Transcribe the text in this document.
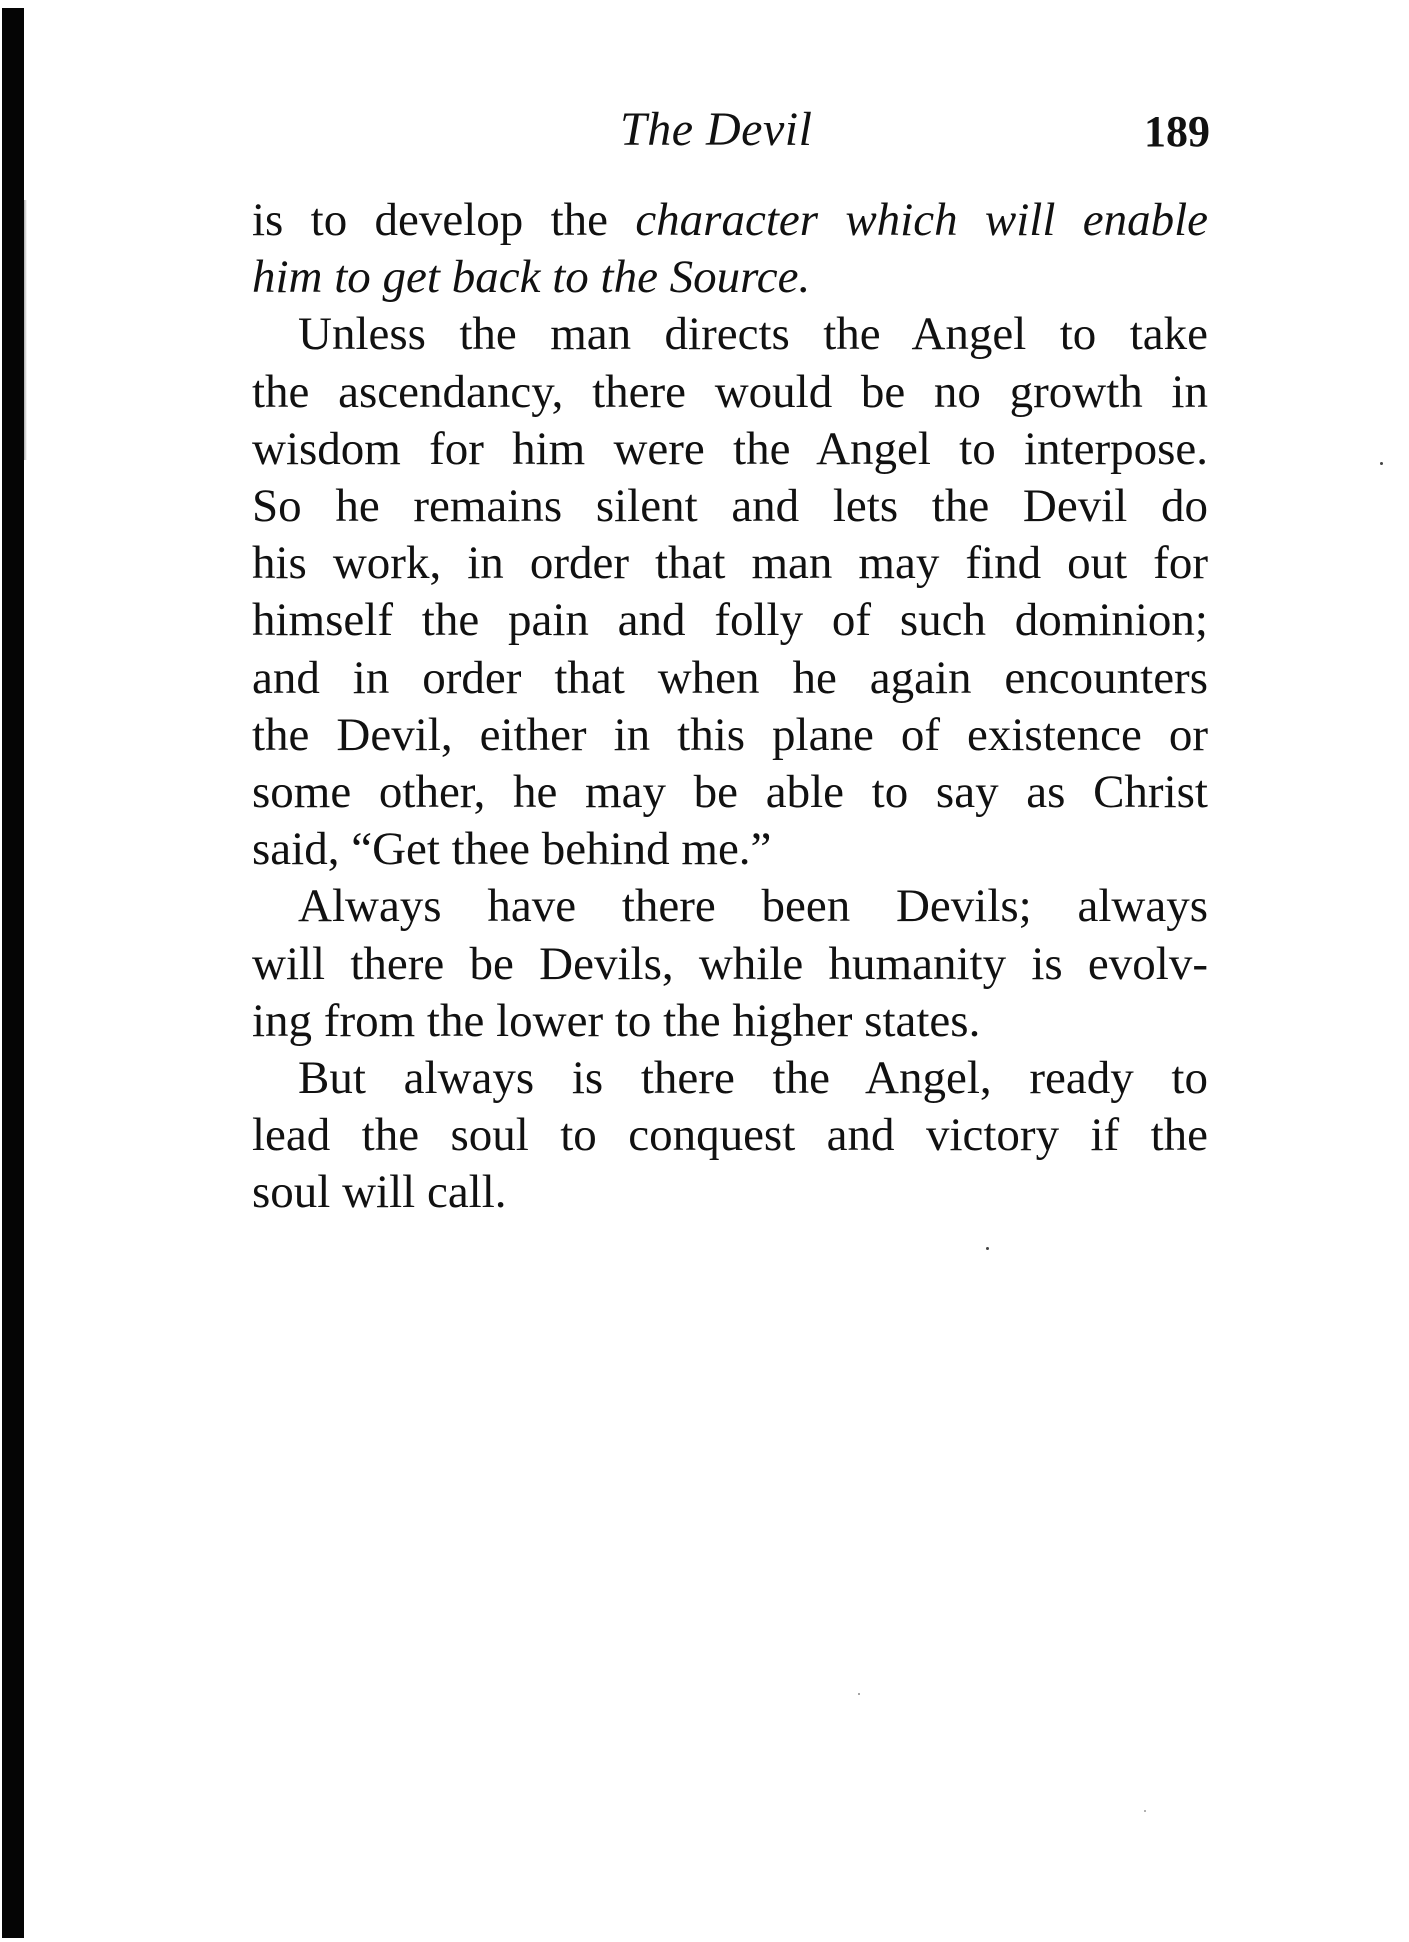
The Devil	189
is to develop the character which will enable
him to get back to the Source.
Unless the man directs the Angel to take
the ascendancy, there would be no growth in
wisdom for him were the Angel to interpose.
So he remains silent and lets the Devil do
his work, in order that man may find out for
himself the pain and folly of such dominion;
and in order that when he again encounters
the Devil, either in this plane of existence or
some other, he may be able to say as Christ
said, “Get thee behind me.”
Always have there been Devils; always
will there be Devils, while humanity is evolv-
ing from the lower to the higher states.
But always is there the Angel, ready to
lead the soul to conquest and victory if the
soul will call.
